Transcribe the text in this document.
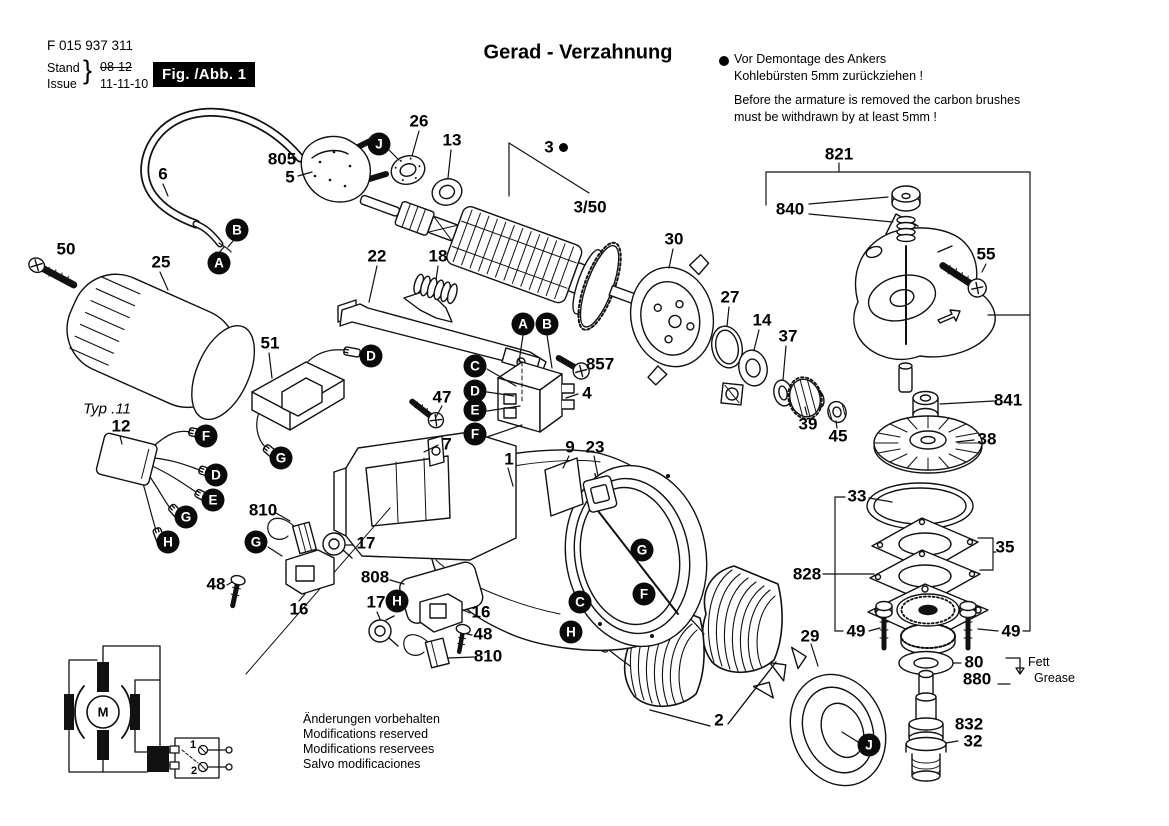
F 015 937 311
Stand
Issue } 08-12
11-11-10
Fig. /Abb. 1
Gerad - Verzahnung	Vor Demontage des Ankers
Kohlebürsten 5mm zurückziehen !
Before the armature is removed the carbon brushes
must be withdrawn by at least 5mm !
Änderungen vorbehalten
Modifications reserved
Modifications reservees
Salvo modificaciones
Fett
Grease
50
25
6
805
5
26
13	3
3/50
22 18
30
27
14
37
39
45
821
840
55
841
38
857
4
47
7
1
9 23
Typ .11
12
51
810
17
48
16
808
17
16
48
810
2
828
33
35
49	49
29
80
880
832
32
A
B
J
A	B
C
D
E
F
D
G
F
D
E
G
H	G
H
G
F
C
H
J
M
1
2
